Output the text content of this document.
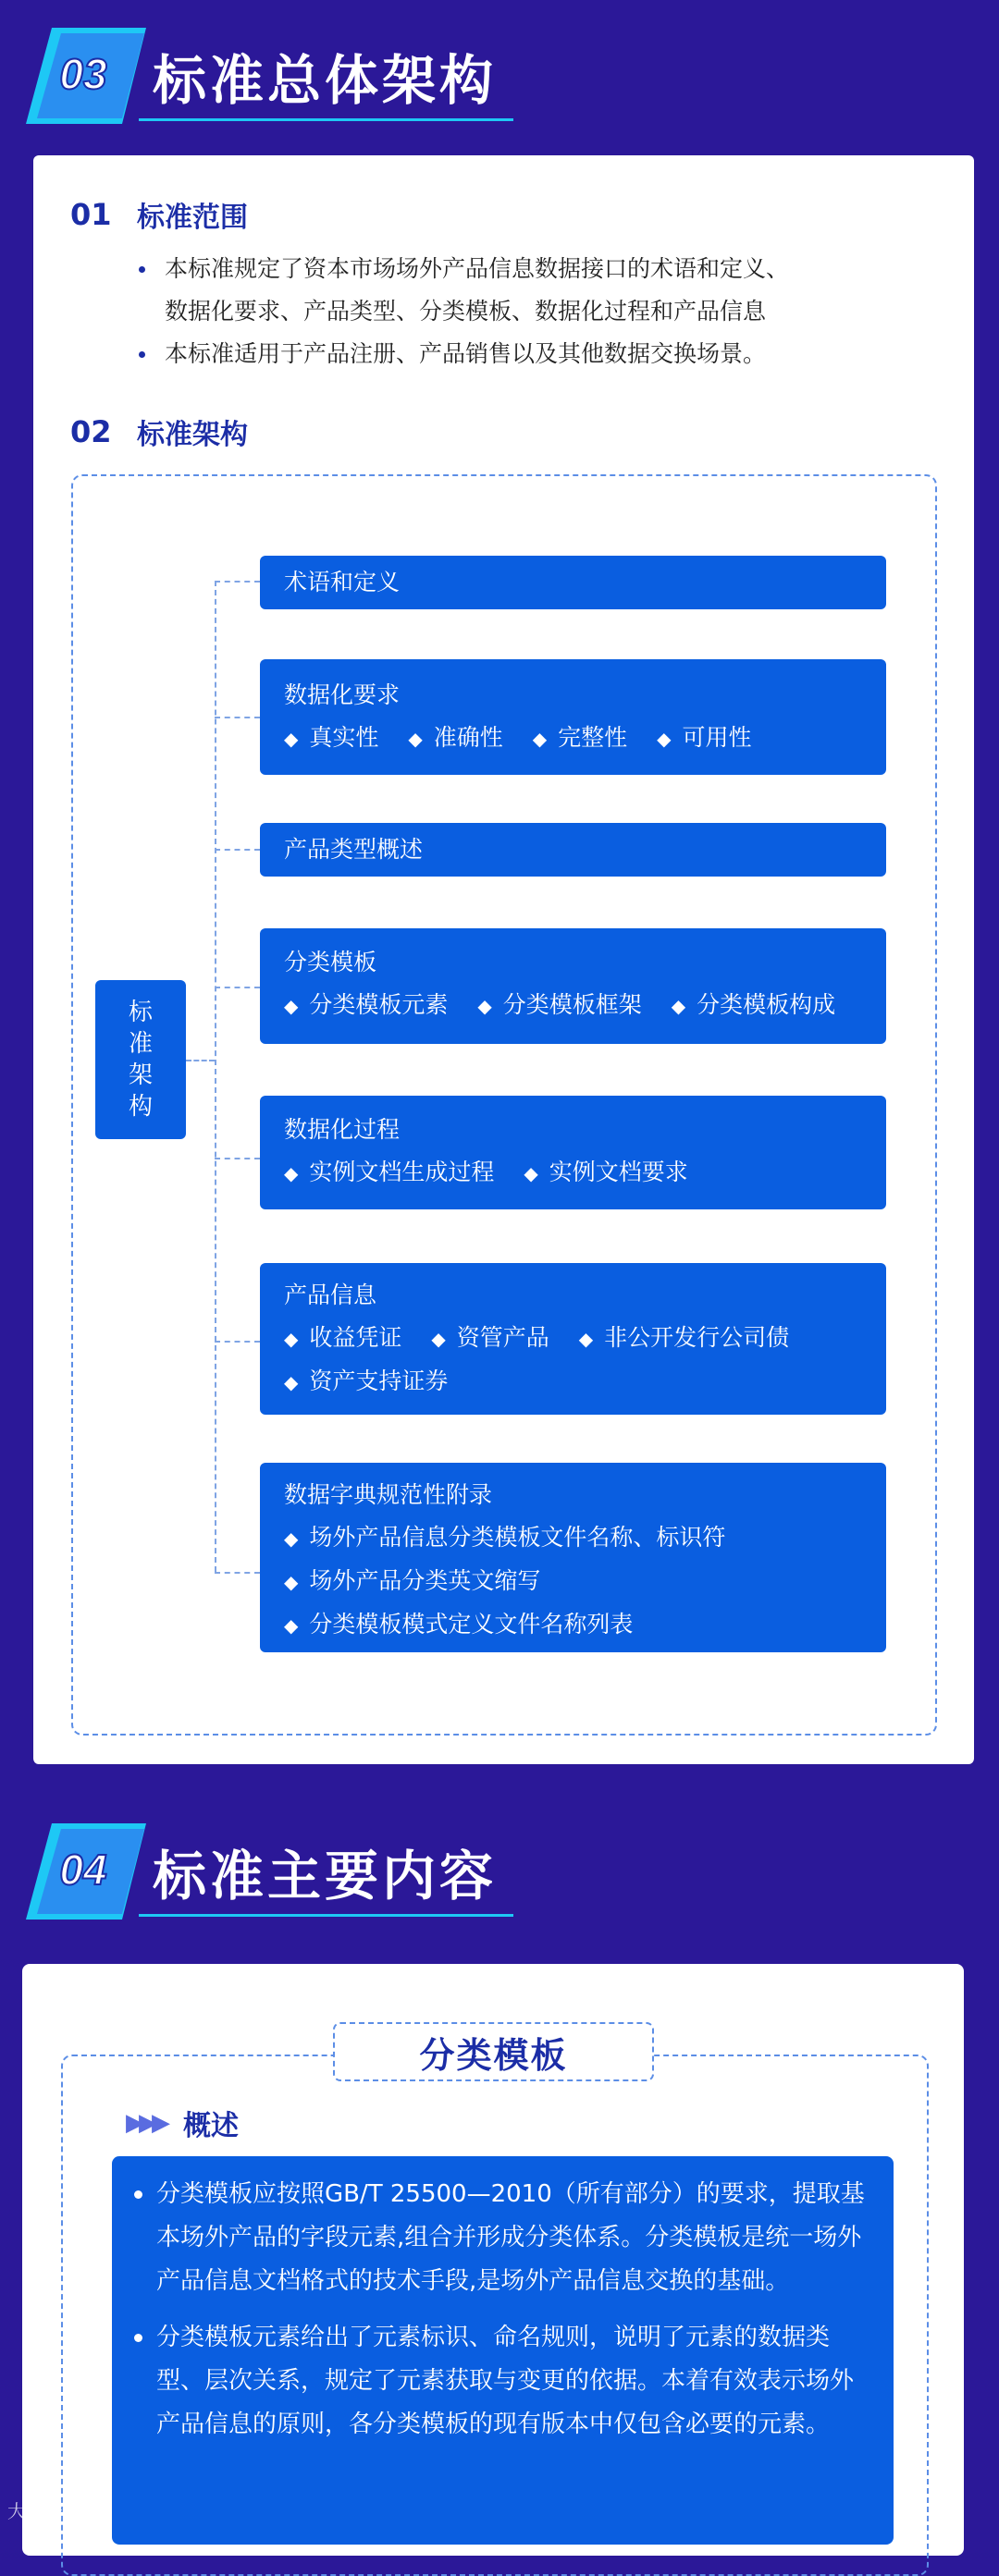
03 标准总体架构
01 标准范围
本标准规定了资本市场场外产品信息数据接口的术语和定义、
数据化要求、产品类型、分类模板、数据化过程和产品信息
本标准适用于产品注册、产品销售以及其他数据交换场景。
02 标准架构
标准架构
术语和定义
数据化要求
◆ 真实性 ◆ 准确性 ◆ 完整性 ◆ 可用性
产品类型概述
分类模板
◆ 分类模板元素 ◆ 分类模板框架 ◆ 分类模板构成
数据化过程
◆ 实例文档生成过程 ◆ 实例文档要求
产品信息
◆ 收益凭证 ◆ 资管产品 ◆ 非公开发行公司债
◆ 资产支持证券
数据字典规范性附录
◆ 场外产品信息分类模板文件名称、标识符
◆ 场外产品分类英文缩写
◆ 分类模板模式定义文件名称列表
04 标准主要内容
分类模板
▶▶▶ 概述
分类模板应按照GB/T 25500—2010（所有部分）的要求，提取基本场外产品的字段元素,组合并形成分类体系。分类模板是统一场外产品信息文档格式的技术手段,是场外产品信息交换的基础。
分类模板元素给出了元素标识、命名规则，说明了元素的数据类型、层次关系，规定了元素获取与变更的依据。本着有效表示场外产品信息的原则，各分类模板的现有版本中仅包含必要的元素。
大数据局
